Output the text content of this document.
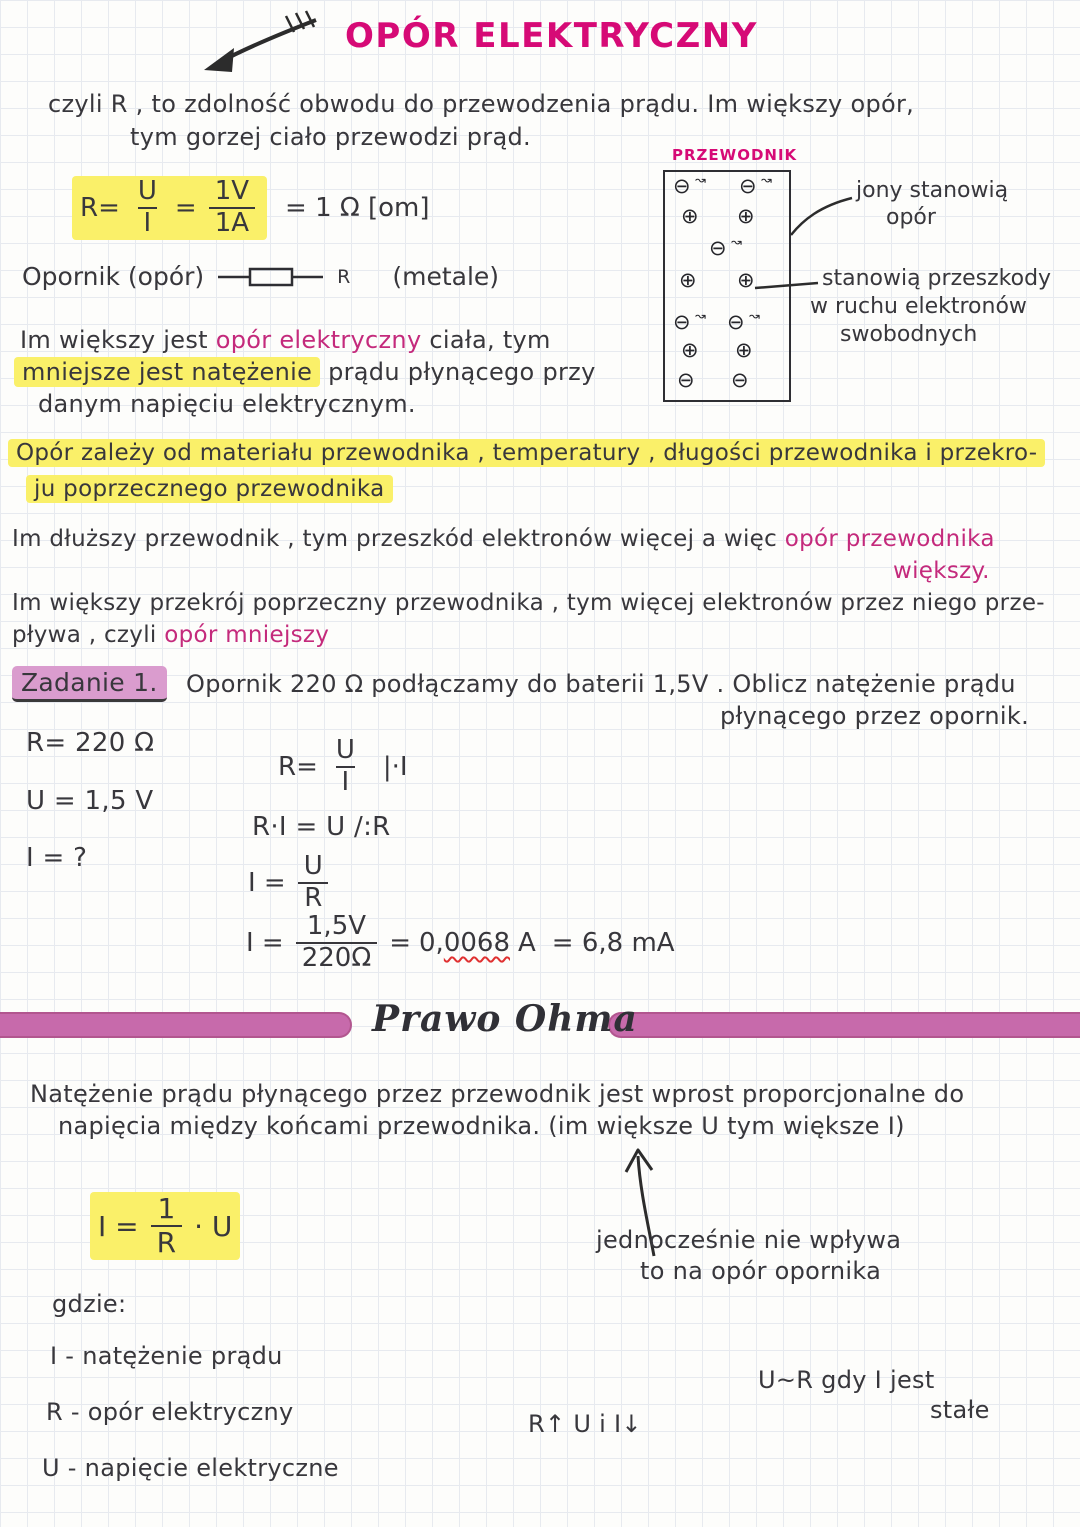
OPÓR ELEKTRYCZNY
czyli R , to zdolność obwodu do przewodzenia prądu. Im większy opór,
tym gorzej ciało przewodzi prąd.
$R= \frac{U}{I} = \frac{1V}{1A} = 1$ Ω [om]
Opornik (opór)	R (metale)
PRZEWODNIK
⊖ ⊖
⊕ ⊕
⊖
⊕ ⊕
⊖ ⊖
⊕ ⊕
⊖ ⊖
↝	↝
↝
↝	↝
jony stanowią
opór
stanowią przeszkody
w ruchu elektronów
swobodnych
Im większy jest opór elektryczny ciała, tym
mniejsze jest natężenie prądu płynącego przy
danym napięciu elektrycznym.
Opór zależy od materiału przewodnika , temperatury , długości przewodnika i przekro-
ju poprzecznego przewodnika
Im dłuższy przewodnik , tym przeszkód elektronów więcej a więc opór przewodnika
większy.
Im większy przekrój poprzeczny przewodnika , tym więcej elektronów przez niego prze-
pływa , czyli opór mniejszy
Zadanie 1.	Opornik 220 Ω podłączamy do baterii 1,5V . Oblicz natężenie prądu
płynącego przez opornik.
R= 220 Ω
U = 1,5 V
I = ?
$R= \frac{U}{I} |\cdot I$
R·I = U /:R
$I = \frac{U}{R}$
$I = \frac{1,5V}{220\Omega} = 0,0068$ A = 6,8 mA
Prawo Ohma
Natężenie prądu płynącego przez przewodnik jest wprost proporcjonalne do
napięcia między końcami przewodnika. (im większe U tym większe I)
$I = \frac{1}{R} \cdot U$	jednocześnie nie wpływa
to na opór opornika
gdzie:
I - natężenie prądu
R - opór elektryczny
U - napięcie elektryczne
U~R gdy I jest
stałe
R↑ U i I↓
